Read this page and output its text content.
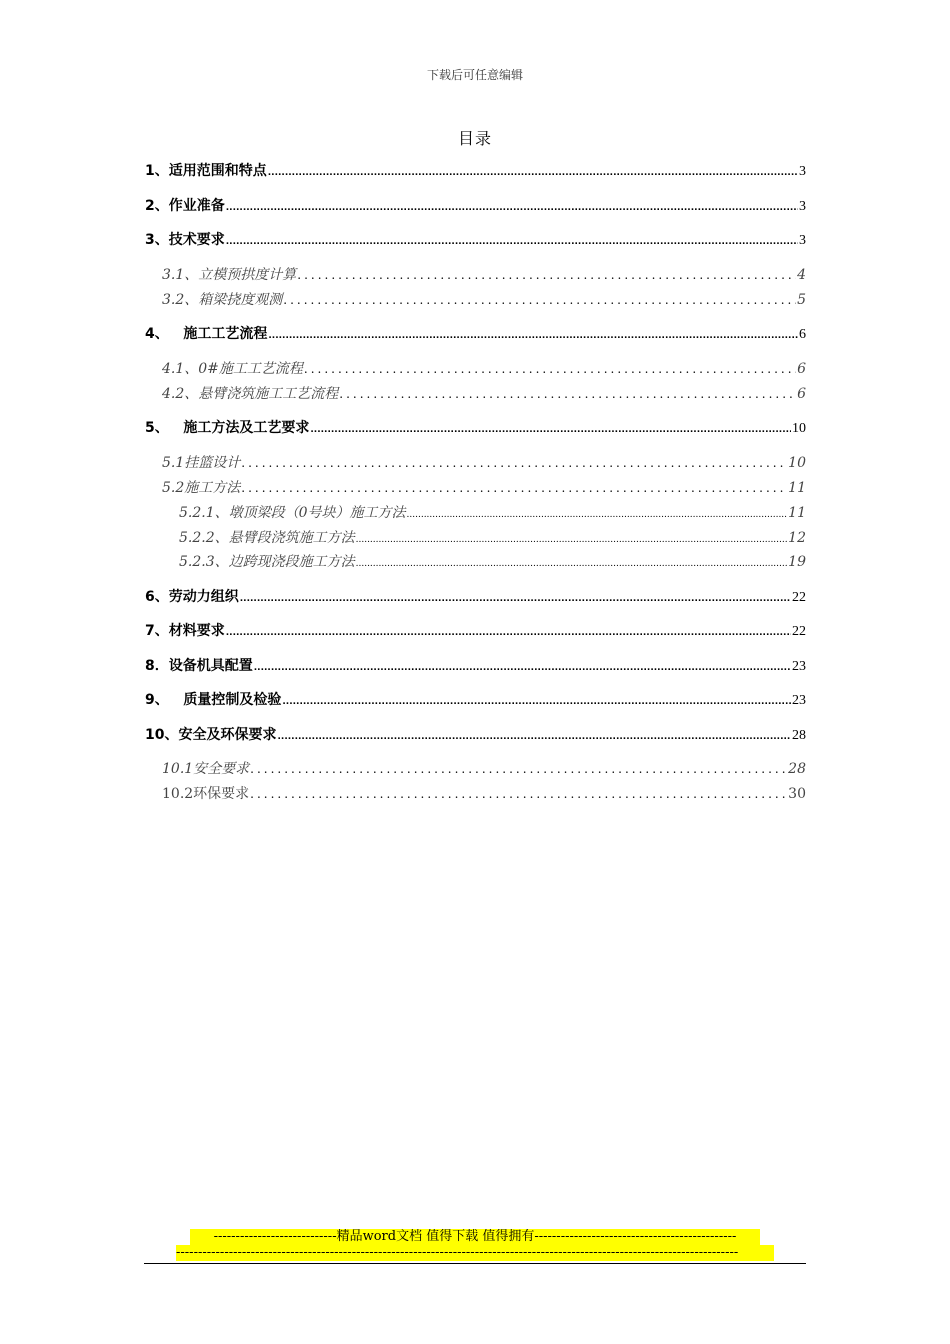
下载后可任意编辑
目录
1、适用范围和特点 .....	3
2、作业准备 .....	3
3、技术要求 .....	3
3.1、立模预拱度计算 .....	4
3.2、箱梁挠度观测 .....	5
4、   施工工艺流程 .....	6
4.1、0#施工工艺流程 .....	6
4.2、悬臂浇筑施工工艺流程 .....	6
5、   施工方法及工艺要求 .....	10
5.1挂篮设计 .....	10
5.2施工方法 .....	11
5.2.1、墩顶梁段（0号块）施工方法 .....	11
5.2.2、悬臂段浇筑施工方法 .....	12
5.2.3、边跨现浇段施工方法 .....	19
6、劳动力组织 .....	22
7、材料要求 .....	22
8．设备机具配置 .....	23
9、   质量控制及检验 .....	23
10、安全及环保要求 .....	28
10.1安全要求 .....	28
10.2环保要求 .....	30
----------------------------精品word文档 值得下载 值得拥有----------------------------------------------
--------------------------------------------------------------------------------------------------------------------------------
